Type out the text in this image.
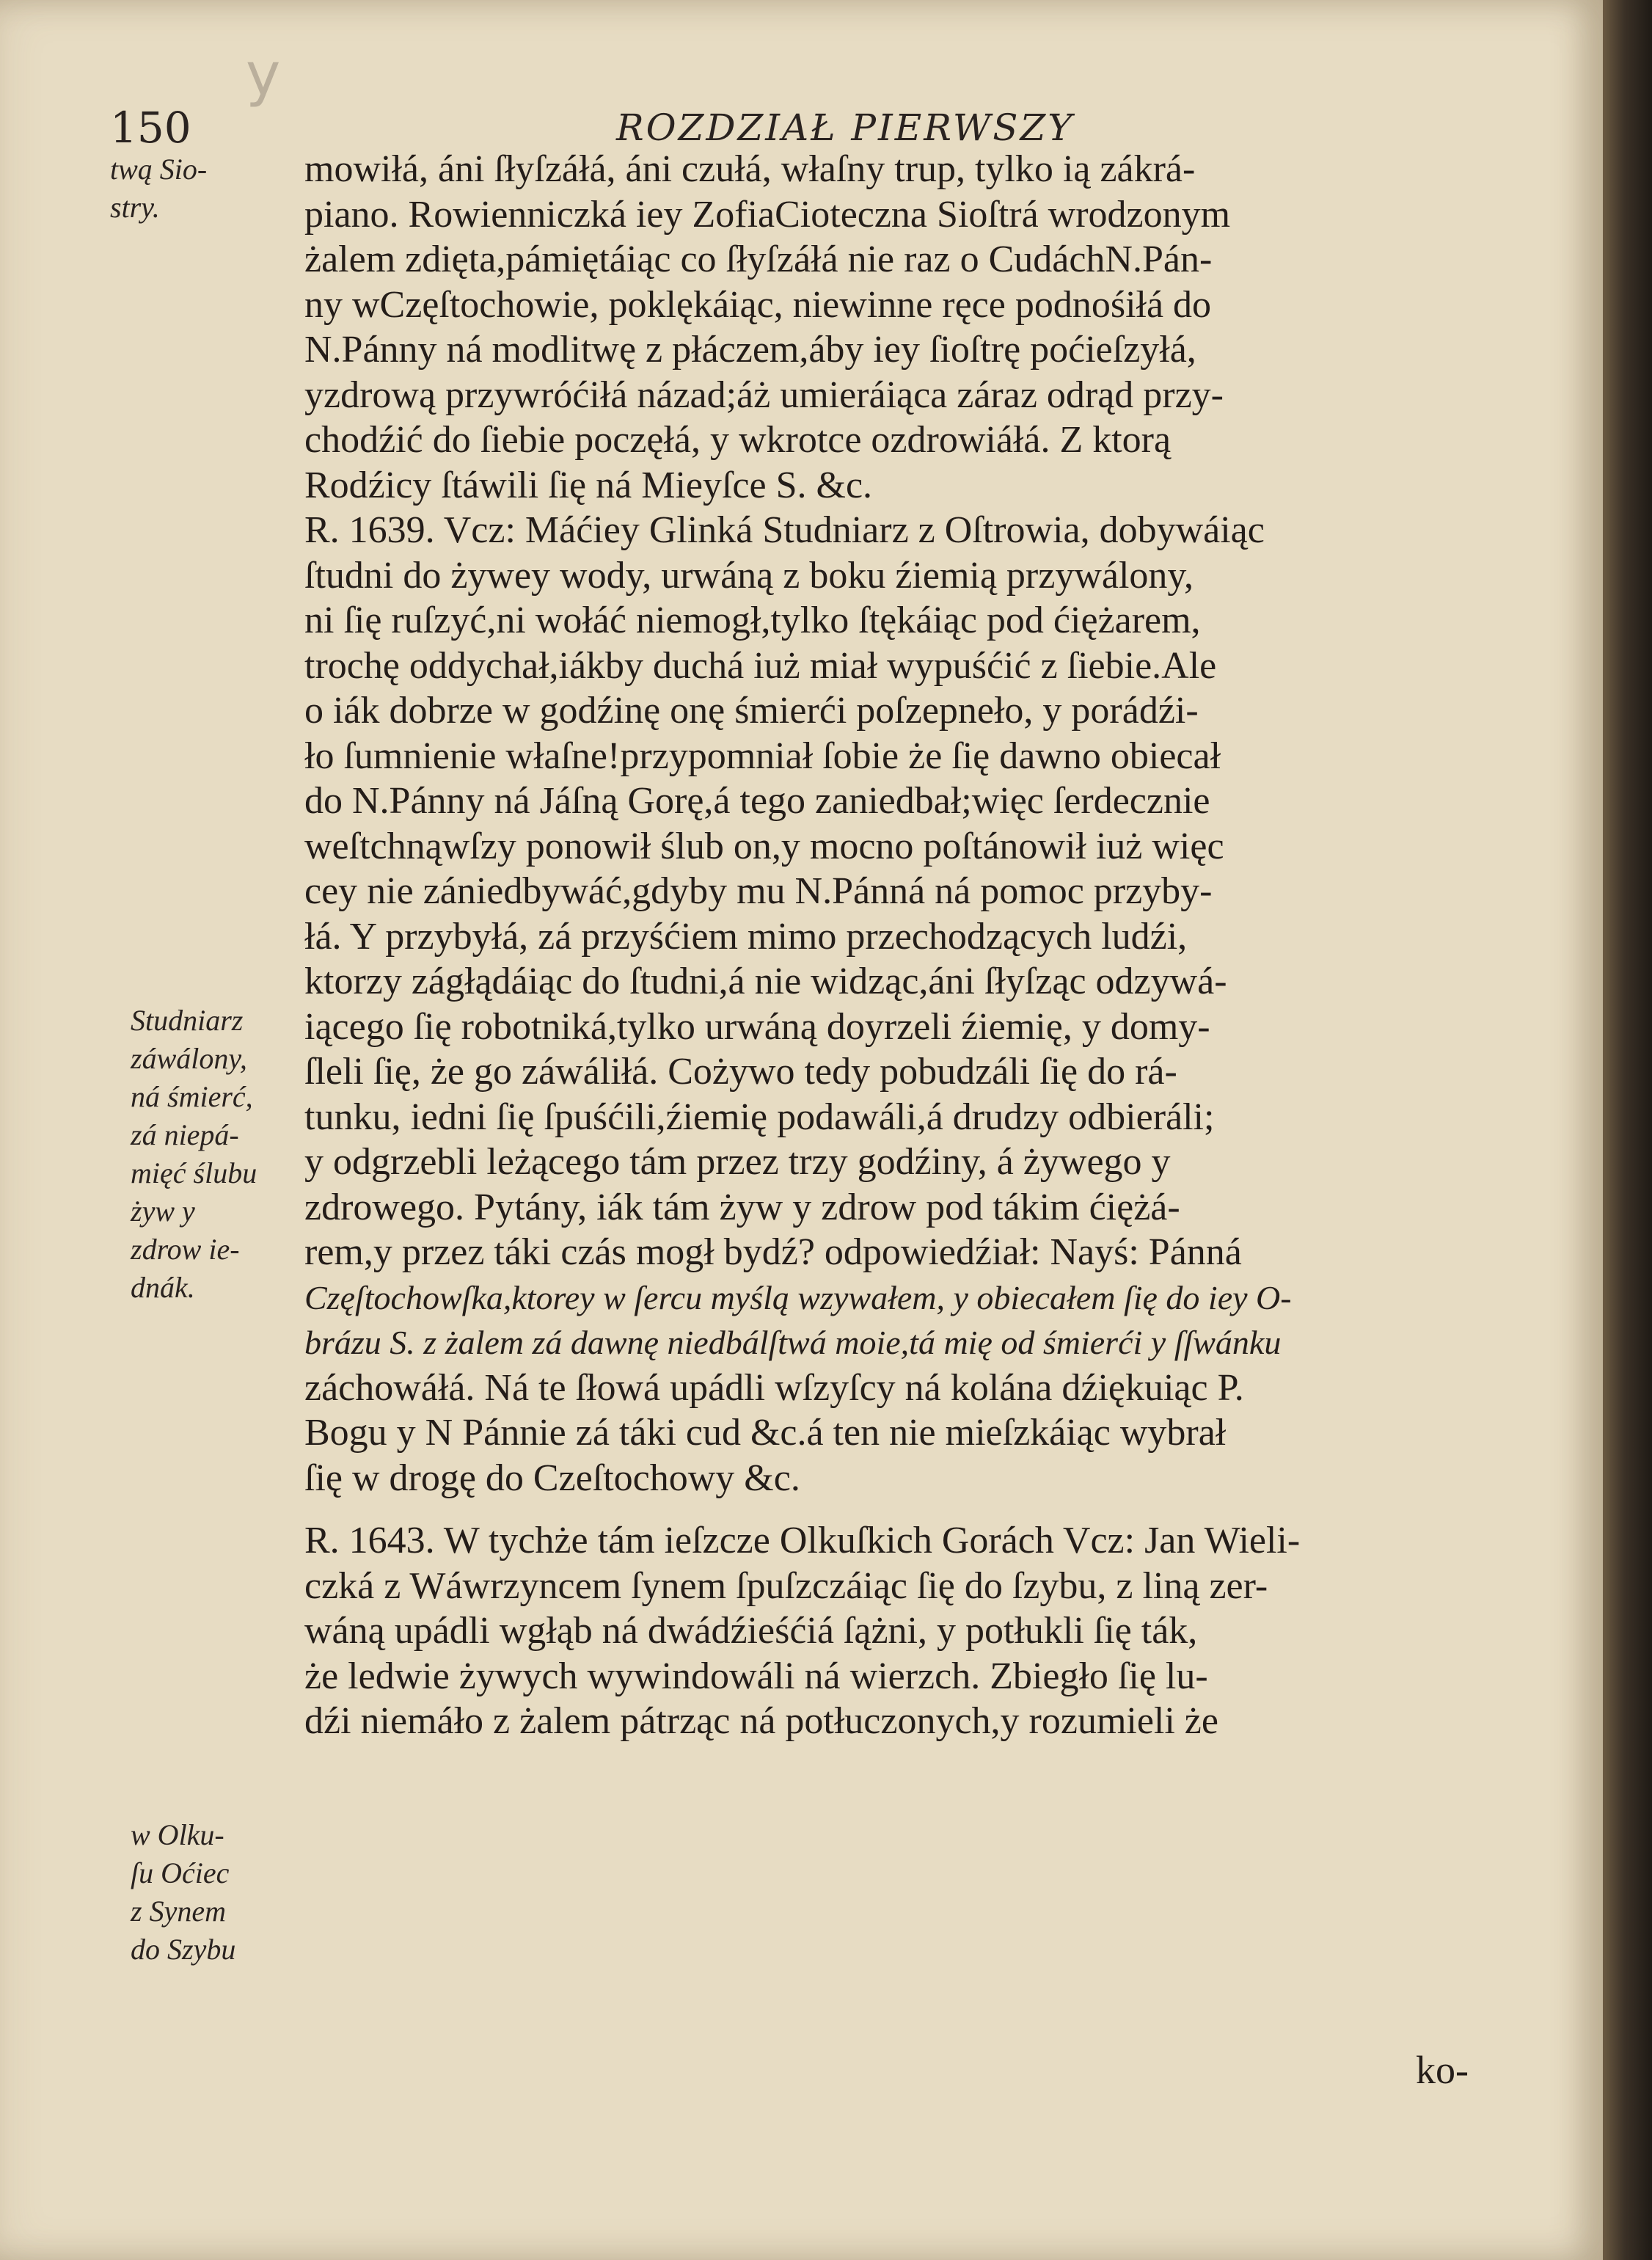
y
150	ROZDZIAŁ PIERWSZY
twą Sio-
stry.
Studniarz
záwálony,
ná śmierć,
zá niepá-
mięć ślubu
żyw y
zdrow ie-
dnák.
w Olku-
ſu Oćiec
z Synem
do Szybu
mowiłá, áni ſłyſzáłá, áni czułá, właſny trup, tylko ią zákrá-
piano. Rowienniczká iey ZofiaCioteczna Sioſtrá wrodzonym
żalem zdięta,pámiętáiąc co ſłyſzáłá nie raz o CudáchN.Pán-
ny wCzęſtochowie, poklękáiąc, niewinne ręce podnośiłá do
N.Pánny ná modlitwę z płáczem,áby iey ſioſtrę poćieſzyłá,
yzdrową przywróćiłá názad;áż umieráiąca záraz odrąd przy-
chodźić do ſiebie poczęłá, y wkrotce ozdrowiáłá. Z ktorą
Rodźicy ſtáwili ſię ná Mieyſce S. &c.
R. 1639. Vcz: Máćiey Glinká Studniarz z Oſtrowia, dobywáiąc
ſtudni do żywey wody, urwáną z boku źiemią przywálony,
ni ſię ruſzyć,ni wołáć niemogł,tylko ſtękáiąc pod ćiężarem,
trochę oddychał,iákby duchá iuż miał wypuśćić z ſiebie.Ale
o iák dobrze w godźinę onę śmierći poſzepneło, y porádźi-
ło ſumnienie właſne!przypomniał ſobie że ſię dawno obiecał
do N.Pánny ná Jáſną Gorę,á tego zaniedbał;więc ſerdecznie
weſtchnąwſzy ponowił ślub on,y mocno poſtánowił iuż więc
cey nie zániedbywáć,gdyby mu N.Pánná ná pomoc przyby-
łá. Y przybyłá, zá przyśćiem mimo przechodzących ludźi,
ktorzy zágłądáiąc do ſtudni,á nie widząc,áni ſłyſząc odzywá-
iącego ſię robotniká,tylko urwáną doyrzeli źiemię, y domy-
ſleli ſię, że go záwáliłá. Cożywo tedy pobudzáli ſię do rá-
tunku, iedni ſię ſpuśćili,źiemię podawáli,á drudzy odbieráli;
y odgrzebli leżącego tám przez trzy godźiny, á żywego y
zdrowego. Pytány, iák tám żyw y zdrow pod tákim ćiężá-
rem,y przez táki czás mogł bydź? odpowiedźiał: Nayś: Pánná
Częſtochowſka,ktorey w ſercu myślą wzywałem, y obiecałem ſię do iey O-
brázu S. z żalem zá dawnę niedbálſtwá moie,tá mię od śmierći y ſſwánku
záchowáłá. Ná te ſłowá upádli wſzyſcy ná kolána dźiękuiąc P.
Bogu y N Pánnie zá táki cud &c.á ten nie mieſzkáiąc wybrał
ſię w drogę do Czeſtochowy &c.
R. 1643. W tychże tám ieſzcze Olkuſkich Gorách Vcz: Jan Wieli-
czká z Wáwrzyncem ſynem ſpuſzczáiąc ſię do ſzybu, z liną zer-
wáną upádli wgłąb ná dwádźieśćiá ſążni, y potłukli ſię ták,
że ledwie żywych wywindowáli ná wierzch. Zbiegło ſię lu-
dźi niemáło z żalem pátrząc ná potłuczonych,y rozumieli że
ko-
